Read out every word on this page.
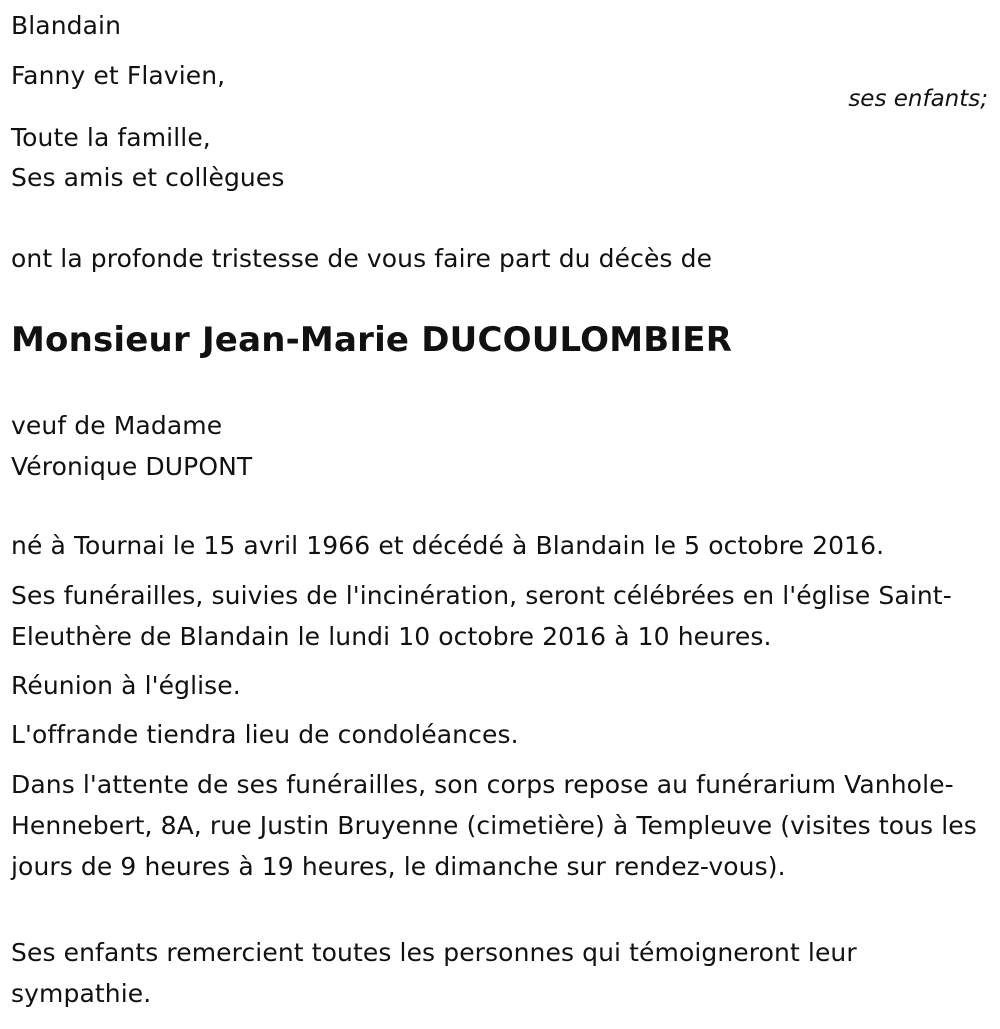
Blandain

Fanny et Flavien,

ses enfants;

Toute la famille,

Ses amis et collègues

ont la profonde tristesse de vous faire part du décès de

Monsieur Jean-Marie DUCOULOMBIER

veuf de Madame

Véronique DUPONT

né à Tournai le 15 avril 1966 et décédé à Blandain le 5 octobre 2016.

Ses funérailles, suivies de l'incinération, seront célébrées en l'église Saint-Eleuthère de Blandain le lundi 10 octobre 2016 à 10 heures.

Réunion à l'église.

L'offrande tiendra lieu de condoléances.

Dans l'attente de ses funérailles, son corps repose au funérarium Vanhole-Hennebert, 8A, rue Justin Bruyenne (cimetière) à Templeuve (visites tous les jours de 9 heures à 19 heures, le dimanche sur rendez-vous).

Ses enfants remercient toutes les personnes qui témoigneront leur sympathie.
